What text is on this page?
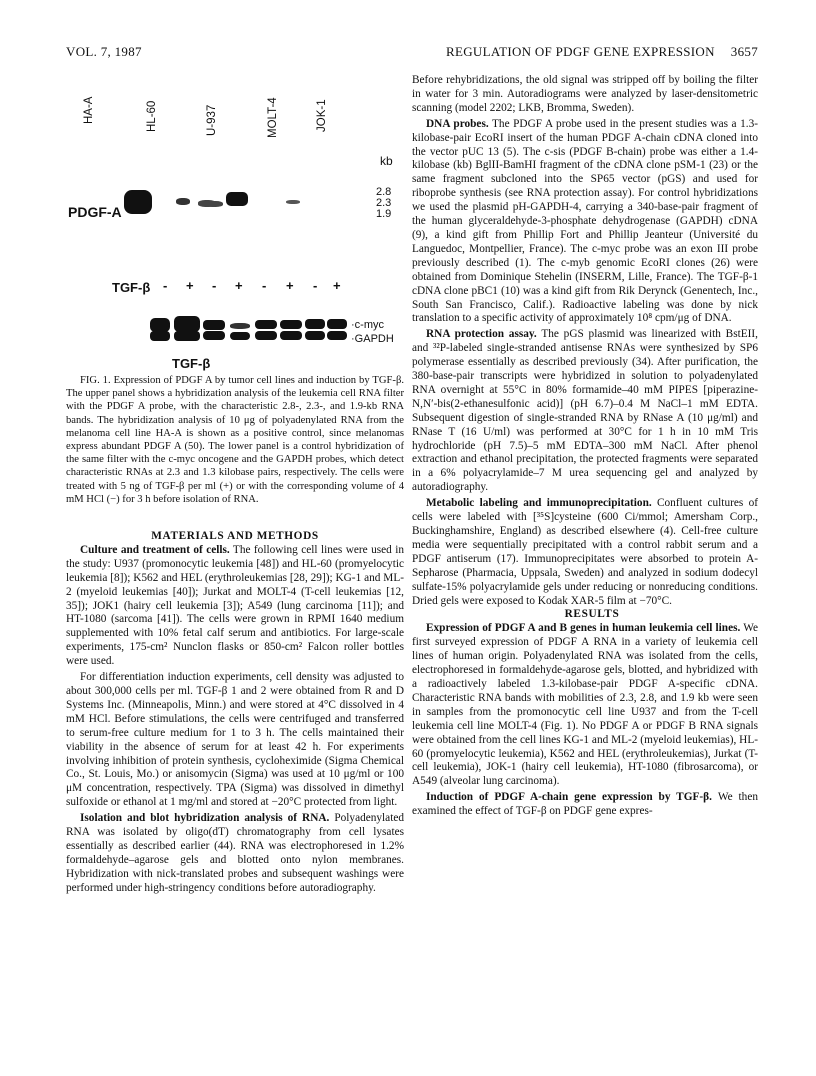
VOL. 7, 1987	REGULATION OF PDGF GENE EXPRESSION 3657
HA-A	HL-60	U-937	MOLT-4	JOK-1
kb
PDGF-A
2.8
2.3
1.9
TGF-β
TGF-β - + - + - + - +
·c-myc
·GAPDH

FIG. 1. Expression of PDGF A by tumor cell lines and induction by TGF-β. The upper panel shows a hybridization analysis of the leukemia cell RNA filter with the PDGF A probe, with the characteristic 2.8-, 2.3-, and 1.9-kb RNA bands. The hybridization analysis of 10 μg of polyadenylated RNA from the melanoma cell line HA-A is shown as a positive control, since melanomas express abundant PDGF A (50). The lower panel is a control hybridization of the same filter with the c-myc oncogene and the GAPDH probes, which detect characteristic RNAs at 2.3 and 1.3 kilobase pairs, respectively. The cells were treated with 5 ng of TGF-β per ml (+) or with the corresponding volume of 4 mM HCl (−) for 3 h before isolation of RNA.

MATERIALS AND METHODS

Culture and treatment of cells. The following cell lines were used in the study: U937 (promonocytic leukemia [48]) and HL-60 (promyelocytic leukemia [8]); K562 and HEL (erythroleukemias [28, 29]); KG-1 and ML-2 (myeloid leukemias [40]); Jurkat and MOLT-4 (T-cell leukemias [12, 35]); JOK1 (hairy cell leukemia [3]); A549 (lung carcinoma [11]); and HT-1080 (sarcoma [41]). The cells were grown in RPMI 1640 medium supplemented with 10% fetal calf serum and antibiotics. For large-scale experiments, 175-cm² Nunclon flasks or 850-cm² Falcon roller bottles were used.

For differentiation induction experiments, cell density was adjusted to about 300,000 cells per ml. TGF-β 1 and 2 were obtained from R and D Systems Inc. (Minneapolis, Minn.) and were stored at 4°C dissolved in 4 mM HCl. Before stimulations, the cells were centrifuged and transferred to serum-free culture medium for 1 to 3 h. The cells maintained their viability in the absence of serum for at least 42 h. For experiments involving inhibition of protein synthesis, cycloheximide (Sigma Chemical Co., St. Louis, Mo.) or anisomycin (Sigma) was used at 10 μg/ml or 100 μM concentration, respectively. TPA (Sigma) was dissolved in dimethyl sulfoxide or ethanol at 1 mg/ml and stored at −20°C protected from light.

Isolation and blot hybridization analysis of RNA. Polyadenylated RNA was isolated by oligo(dT) chromatography from cell lysates essentially as described earlier (44). RNA was electrophoresed in 1.2% formaldehyde–agarose gels and blotted onto nylon membranes. Hybridization with nick-translated probes and subsequent washings were performed under high-stringency conditions before autoradiography.

Before rehybridizations, the old signal was stripped off by boiling the filter in water for 3 min. Autoradiograms were analyzed by laser-densitometric scanning (model 2202; LKB, Bromma, Sweden).

DNA probes. The PDGF A probe used in the present studies was a 1.3-kilobase-pair EcoRI insert of the human PDGF A-chain cDNA cloned into the vector pUC 13 (5). The c-sis (PDGF B-chain) probe was either a 1.4-kilobase (kb) BglII-BamHI fragment of the cDNA clone pSM-1 (23) or the same fragment subcloned into the SP65 vector (pGS) and used for riboprobe synthesis (see RNA protection assay). For control hybridizations we used the plasmid pH-GAPDH-4, carrying a 340-base-pair fragment of the human glyceraldehyde-3-phosphate dehydrogenase (GAPDH) cDNA (9), a kind gift from Phillip Fort and Phillip Jeanteur (Université du Languedoc, Montpellier, France). The c-myc probe was an exon III probe previously described (1). The c-myb genomic EcoRI clones (26) were obtained from Dominique Stehelin (INSERM, Lille, France). The TGF-β-1 cDNA clone pBC1 (10) was a kind gift from Rik Derynck (Genentech, Inc., South San Francisco, Calif.). Radioactive labeling was done by nick translation to a specific activity of approximately 10⁸ cpm/μg of DNA.

RNA protection assay. The pGS plasmid was linearized with BstEII, and ³²P-labeled single-stranded antisense RNAs were synthesized by SP6 polymerase essentially as described previously (34). After purification, the 380-base-pair transcripts were hybridized in solution to polyadenylated RNA overnight at 55°C in 80% formamide–40 mM PIPES [piperazine-N,N′-bis(2-ethanesulfonic acid)] (pH 6.7)–0.4 M NaCl–1 mM EDTA. Subsequent digestion of single-stranded RNA by RNase A (10 μg/ml) and RNase T (16 U/ml) was performed at 30°C for 1 h in 10 mM Tris hydrochloride (pH 7.5)–5 mM EDTA–300 mM NaCl. After phenol extraction and ethanol precipitation, the protected fragments were separated in a 6% polyacrylamide–7 M urea sequencing gel and analyzed by autoradiography.

Metabolic labeling and immunoprecipitation. Confluent cultures of cells were labeled with [³⁵S]cysteine (600 Ci/mmol; Amersham Corp., Buckinghamshire, England) as described elsewhere (4). Cell-free culture media were sequentially precipitated with a control rabbit serum and a PDGF antiserum (17). Immunoprecipitates were absorbed to protein A-Sepharose (Pharmacia, Uppsala, Sweden) and analyzed in sodium dodecyl sulfate-15% polyacrylamide gels under reducing or nonreducing conditions. Dried gels were exposed to Kodak XAR-5 film at −70°C.

RESULTS

Expression of PDGF A and B genes in human leukemia cell lines. We first surveyed expression of PDGF A RNA in a variety of leukemia cell lines of human origin. Polyadenylated RNA was isolated from the cells, electrophoresed in formaldehyde-agarose gels, blotted, and hybridized with a radioactively labeled 1.3-kilobase-pair PDGF A-specific cDNA. Characteristic RNA bands with mobilities of 2.3, 2.8, and 1.9 kb were seen in samples from the promonocytic cell line U937 and from the T-cell leukemia cell line MOLT-4 (Fig. 1). No PDGF A or PDGF B RNA signals were obtained from the cell lines KG-1 and ML-2 (myeloid leukemias), HL-60 (promyelocytic leukemia), K562 and HEL (erythroleukemias), Jurkat (T-cell leukemia), JOK-1 (hairy cell leukemia), HT-1080 (fibrosarcoma), or A549 (alveolar lung carcinoma).

Induction of PDGF A-chain gene expression by TGF-β. We then examined the effect of TGF-β on PDGF gene expres-
